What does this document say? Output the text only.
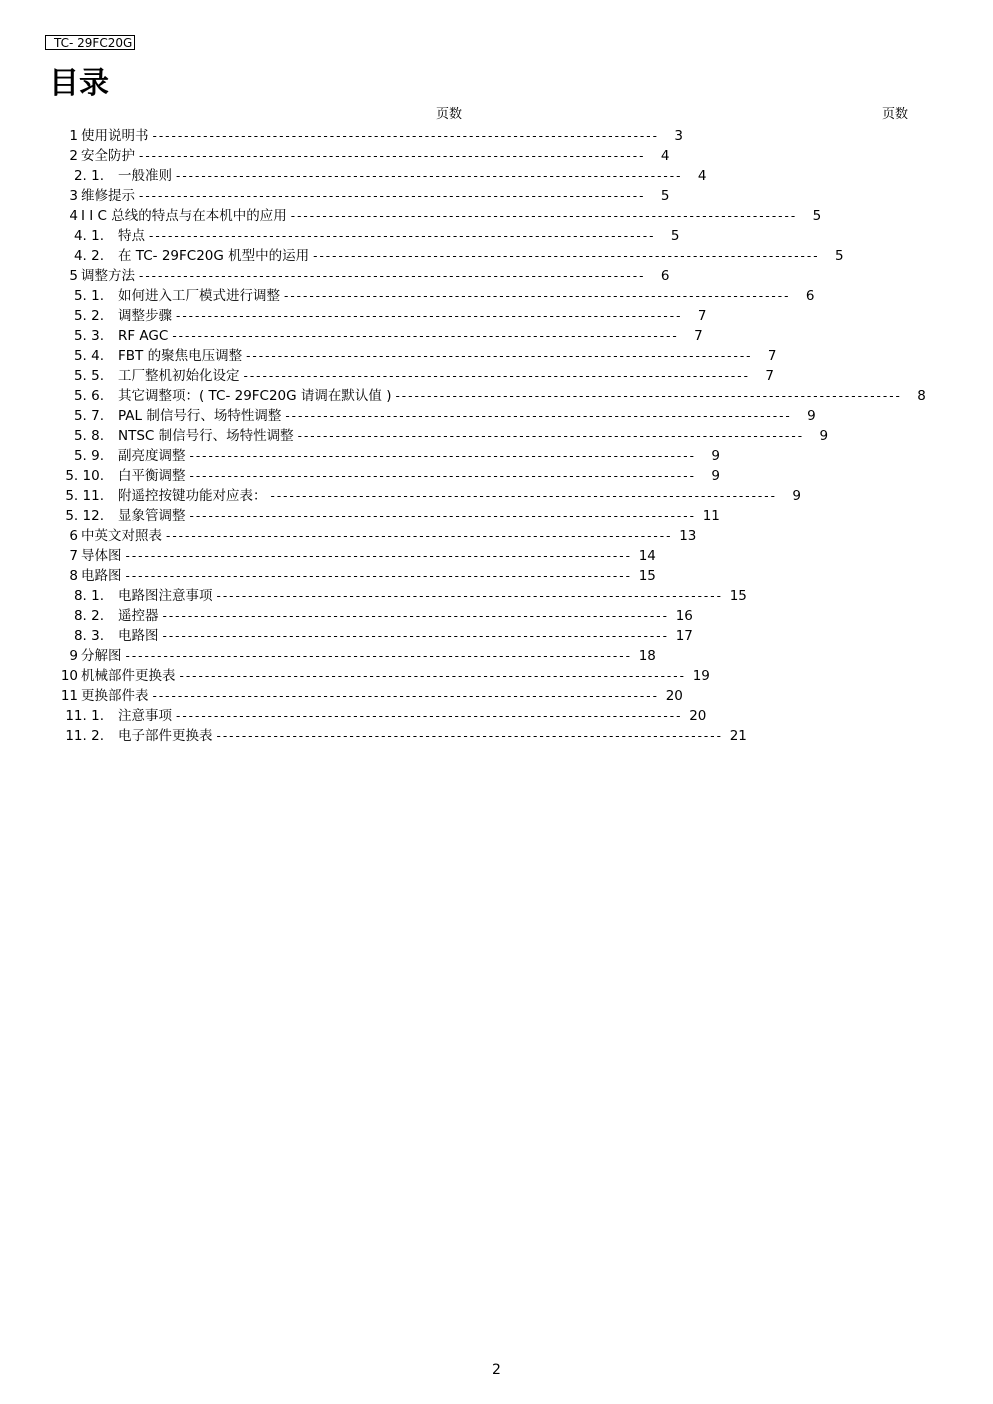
TC- 29FC20G
目录
页数	页数
1 使用说明书 --------------------------------------------------------------------------------	3
2 安全防护 --------------------------------------------------------------------------------	4
2. 1.	一般准则 --------------------------------------------------------------------------------	4
3 维修提示 --------------------------------------------------------------------------------	5
4 I I C 总线的特点与在本机中的应用 --------------------------------------------------------------------------------	5
4. 1.	特点 --------------------------------------------------------------------------------	5
4. 2.	在 TC- 29FC20G 机型中的运用 --------------------------------------------------------------------------------	5
5 调整方法 --------------------------------------------------------------------------------	6
5. 1.	如何进入工厂模式进行调整 --------------------------------------------------------------------------------	6
5. 2.	调整步骤 --------------------------------------------------------------------------------	7
5. 3.	RF AGC --------------------------------------------------------------------------------	7
5. 4.	FBT 的聚焦电压调整 --------------------------------------------------------------------------------	7
5. 5.	工厂整机初始化设定 --------------------------------------------------------------------------------	7
5. 6.	其它调整项：( TC- 29FC20G 请调在默认值 ) --------------------------------------------------------------------------------	8
5. 7.	PAL 制信号行、场特性调整 --------------------------------------------------------------------------------	9
5. 8.	NTSC 制信号行、场特性调整 --------------------------------------------------------------------------------	9
5. 9.	副亮度调整 --------------------------------------------------------------------------------	9
5. 10.	白平衡调整 --------------------------------------------------------------------------------	9
5. 11.	附遥控按键功能对应表： --------------------------------------------------------------------------------	9
5. 12.	显象管调整 -------------------------------------------------------------------------------- 11
6 中英文对照表 -------------------------------------------------------------------------------- 13
7 导体图 -------------------------------------------------------------------------------- 14
8 电路图 -------------------------------------------------------------------------------- 15
8. 1.	电路图注意事项 -------------------------------------------------------------------------------- 15
8. 2.	遥控器 -------------------------------------------------------------------------------- 16
8. 3.	电路图 -------------------------------------------------------------------------------- 17
9 分解图 -------------------------------------------------------------------------------- 18
10 机械部件更换表 -------------------------------------------------------------------------------- 19
11 更换部件表 -------------------------------------------------------------------------------- 20
11. 1.	注意事项 -------------------------------------------------------------------------------- 20
11. 2.	电子部件更换表 -------------------------------------------------------------------------------- 21
2
